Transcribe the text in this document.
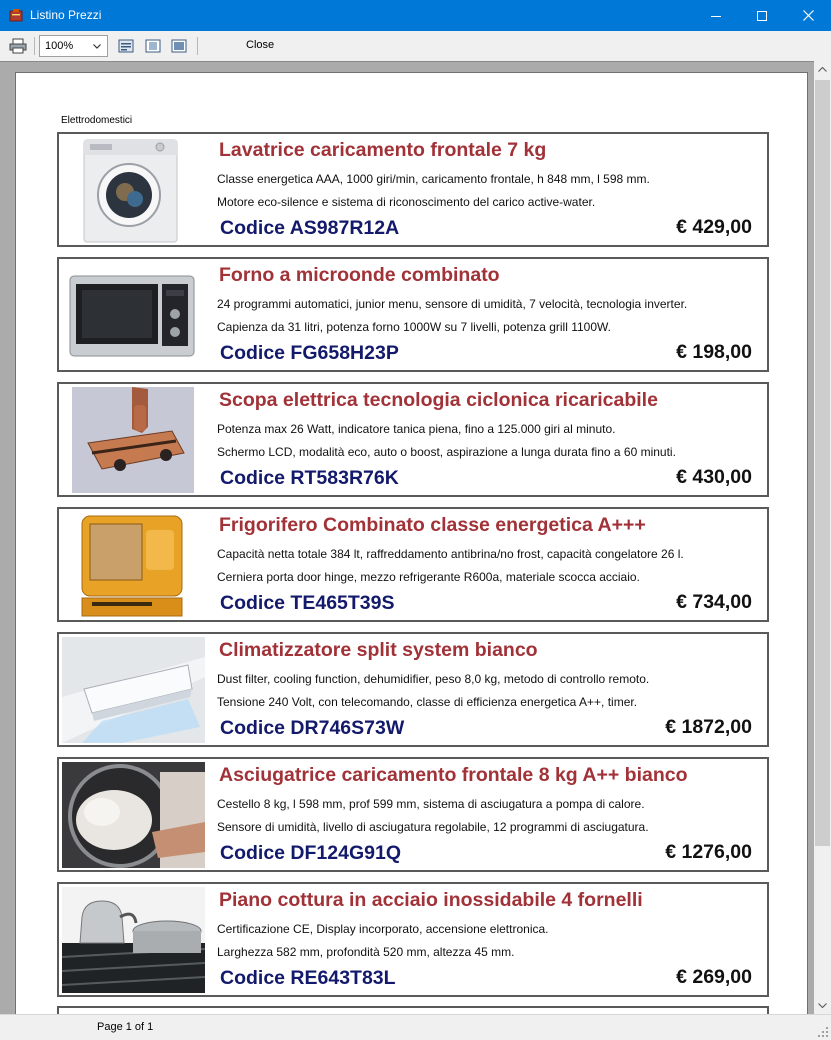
Listino Prezzi
100%	Close
Elettrodomestici
Lavatrice caricamento frontale 7 kg
Classe energetica AAA, 1000 giri/min, caricamento frontale, h 848 mm, l 598 mm.
Motore eco-silence e sistema di riconoscimento del carico active-water.
Codice AS987R12A	€ 429,00
Forno a microonde combinato
24 programmi automatici, junior menu, sensore di umidità, 7 velocità, tecnologia inverter.
Capienza da 31 litri, potenza forno 1000W su 7 livelli, potenza grill 1100W.
Codice FG658H23P	€ 198,00
Scopa elettrica tecnologia ciclonica ricaricabile
Potenza max 26 Watt, indicatore tanica piena, fino a 125.000 giri al minuto.
Schermo LCD, modalità eco, auto o boost, aspirazione a lunga durata fino a 60 minuti.
Codice RT583R76K	€ 430,00
Frigorifero Combinato classe energetica A+++
Capacità netta totale 384 lt, raffreddamento antibrina/no frost, capacità congelatore 26 l.
Cerniera porta door hinge, mezzo refrigerante R600a, materiale scocca acciaio.
Codice TE465T39S	€ 734,00
Climatizzatore split system bianco
Dust filter, cooling function, dehumidifier, peso 8,0 kg, metodo di controllo remoto.
Tensione 240 Volt, con telecomando, classe di efficienza energetica A++, timer.
Codice DR746S73W	€ 1872,00
Asciugatrice caricamento frontale 8 kg A++ bianco
Cestello 8 kg, l 598 mm, prof 599 mm, sistema di asciugatura a pompa di calore.
Sensore di umidità, livello di asciugatura regolabile, 12 programmi di asciugatura.
Codice DF124G91Q	€ 1276,00
Piano cottura in acciaio inossidabile 4 fornelli
Certificazione CE, Display incorporato, accensione elettronica.
Larghezza 582 mm, profondità 520 mm, altezza 45 mm.
Codice RE643T83L	€ 269,00
Page 1 of 1
